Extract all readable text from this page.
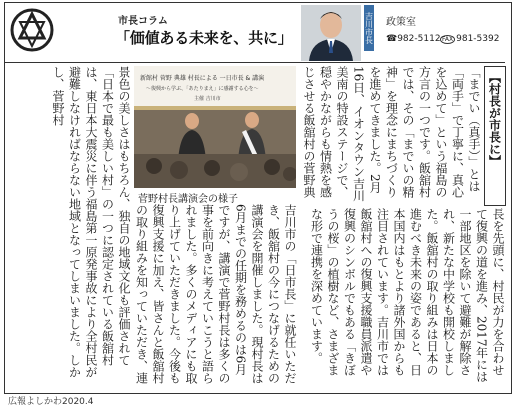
市長コラム
「価値ある未来を、共に」	吉川市長 政策室
☎982-5112 FAX 981-5392
【村長が市長に】

「までい（真手）」とは「両手」で丁寧に、真心を込めて」という福島の方言の一つです。飯舘村では、その「までいの精神」を理念にまちづくりを進めてきました。2月16日、イオンタウン吉川美南の特設ステージで、穏やかながらも情熱を感じさせる飯舘村の菅野典

景色の美しさはもちろん、独自の地域文化も評価されて「日本で最も美しい村」の一つに認定されている飯舘村は、東日本大震災に伴う福島第一原発事故により全村民が避難しなければならない地域となってしまいました。しかし、菅野村

長を先頭に、村民が力を合わせて復興の道を進み、2017年には一部地区を除いて避難が解除され、新たな中学校も開校しました。飯舘村の取り組みは日本の進むべき未来の姿であると、日本国内はもとより諸外国からも注目されています。吉川市では飯舘村への復興支援職員派遣や復興のシンボルでもある「きぼうの桜」の植樹など、さまざまな形で連携を深めています。

吉川市の「日市長」に就任いただき、飯舘村の今につなげるための講演会を開催しました。現村長は6月までの任期を務めるのは6月ですが、講演で菅野村長は多くの事を前向きに考えていこうと語られました。多くのメディアにも取り上げていただきました。今後も復興支援に加え、皆さんと飯舘村の取り組みを知っていただき、連

新館村 菅野 典雄 村長による 一日市長 & 講演
～復興から学ぶ、「あたりまえ」に感謝する心を～
主催 吉川市
菅野村長講演会の様子
広報よしかわ2020.4
